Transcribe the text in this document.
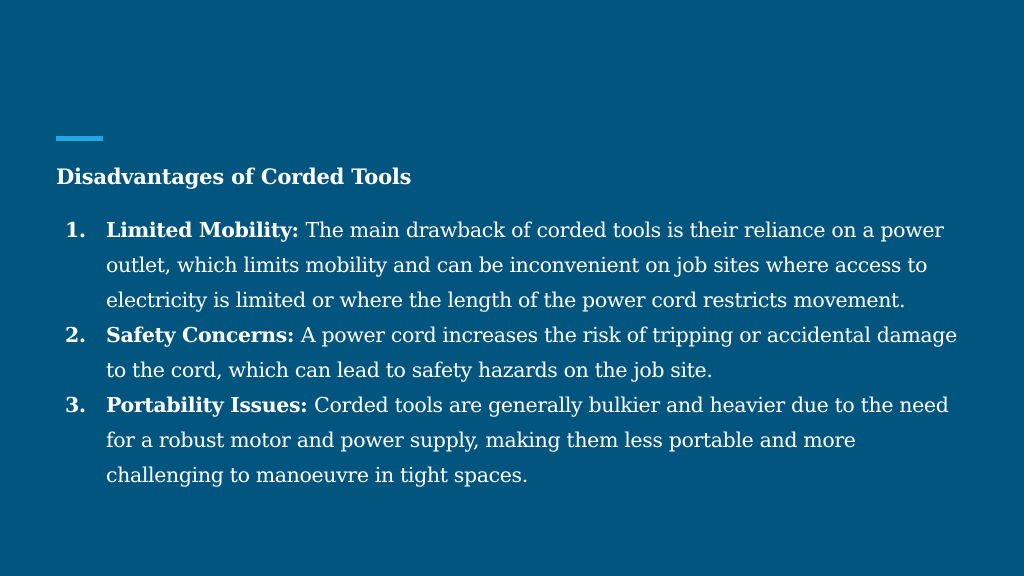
Disadvantages of Corded Tools
1. Limited Mobility: The main drawback of corded tools is their reliance on a power outlet, which limits mobility and can be inconvenient on job sites where access to electricity is limited or where the length of the power cord restricts movement.
2. Safety Concerns: A power cord increases the risk of tripping or accidental damage to the cord, which can lead to safety hazards on the job site.
3. Portability Issues: Corded tools are generally bulkier and heavier due to the need for a robust motor and power supply, making them less portable and more challenging to manoeuvre in tight spaces.
